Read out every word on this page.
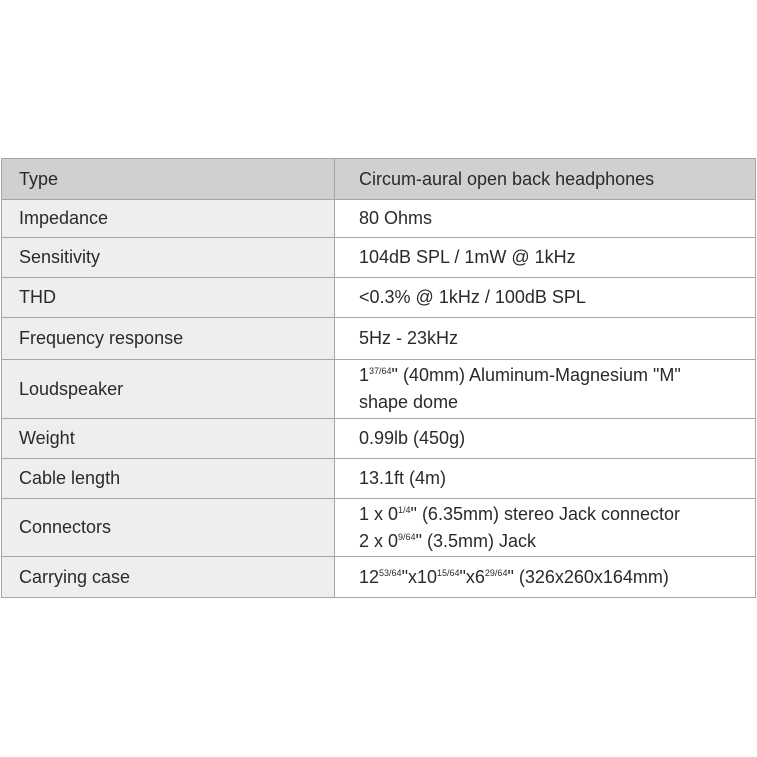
Type	Circum-aural open back headphones
Impedance	80 Ohms
Sensitivity	104dB SPL / 1mW @ 1kHz
THD	<0.3% @ 1kHz / 100dB SPL
Frequency response	5Hz - 23kHz
Loudspeaker	$1^{37/64}$" (40mm) Aluminum-Magnesium "M"
shape dome

Weight	0.99lb (450g)
Cable length	13.1ft (4m)
Connectors	1 x $0^{1/4}$" (6.35mm) stereo Jack connector
2 x $0^{9/64}$" (3.5mm) Jack

Carrying case	$12^{53/64}"x10^{15/64}"x6^{29/64}$" (326x260x164mm)
